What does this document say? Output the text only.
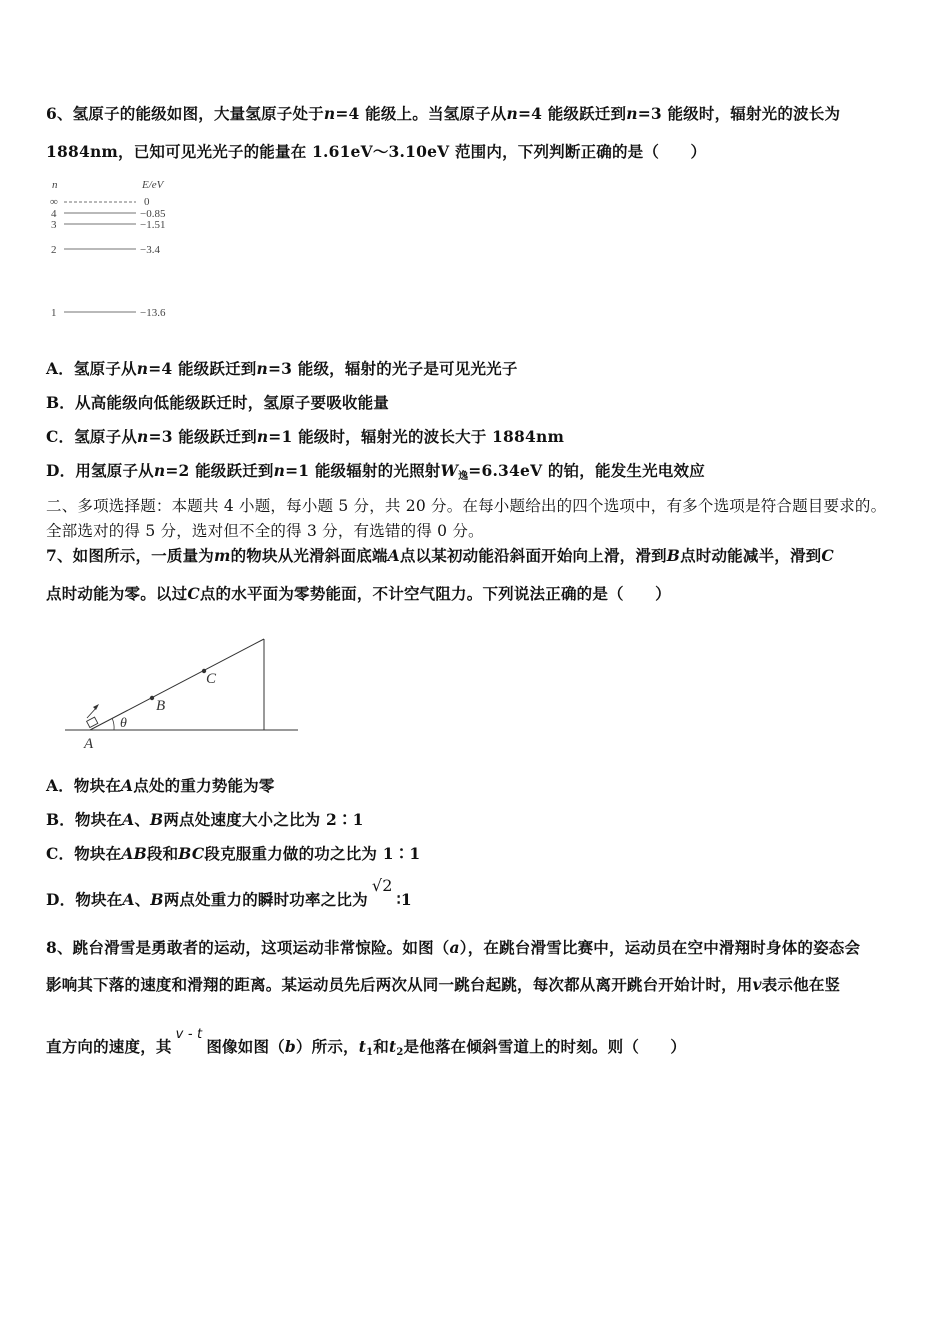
6、氢原子的能级如图，大量氢原子处于n=4 能级上。当氢原子从n=4 能级跃迁到n=3 能级时，辐射光的波长为
1884nm，已知可见光光子的能量在 1.61eV～3.10eV 范围内，下列判断正确的是（　　）
n	E/eV
∞	0
4	−0.85
3	−1.51
2	−3.4
1	−13.6
A．氢原子从n=4 能级跃迁到n=3 能级，辐射的光子是可见光光子
B．从高能级向低能级跃迁时，氢原子要吸收能量
C．氢原子从n=3 能级跃迁到n=1 能级时，辐射光的波长大于 1884nm
D．用氢原子从n=2 能级跃迁到n=1 能级辐射的光照射$W_逸=6.34eV$ 的铂，能发生光电效应
二、多项选择题：本题共 4 小题，每小题 5 分，共 20 分。在每小题给出的四个选项中，有多个选项是符合题目要求的。
全部选对的得 5 分，选对但不全的得 3 分，有选错的得 0 分。
7、如图所示，一质量为m的物块从光滑斜面底端A点以某初动能沿斜面开始向上滑，滑到B点时动能减半，滑到C
点时动能为零。以过C点的水平面为零势能面，不计空气阻力。下列说法正确的是（　　）
θ
A
B
C
A．物块在A点处的重力势能为零
B．物块在A、B两点处速度大小之比为 2∶1
C．物块在AB段和BC段克服重力做的功之比为 1∶1
D．物块在A、B两点处重力的瞬时功率之比为√2∶1
8、跳台滑雪是勇敢者的运动，这项运动非常惊险。如图（a），在跳台滑雪比赛中，运动员在空中滑翔时身体的姿态会
影响其下落的速度和滑翔的距离。某运动员先后两次从同一跳台起跳，每次都从离开跳台开始计时，用v表示他在竖
直方向的速度，其v - t图像如图（b）所示，$t_1$和$t_2$是他落在倾斜雪道上的时刻。则（　　）
